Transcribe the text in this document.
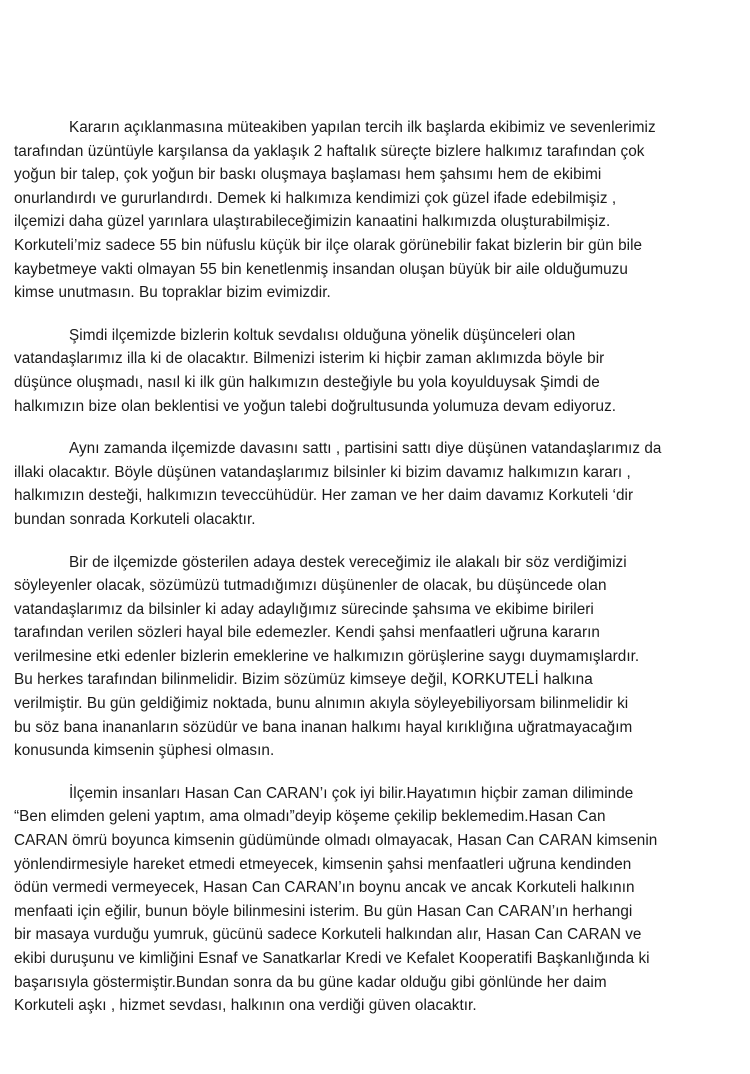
Kararın açıklanmasına müteakiben yapılan tercih ilk başlarda ekibimiz ve sevenlerimiz
tarafından üzüntüyle karşılansa da yaklaşık 2 haftalık süreçte bizlere halkımız tarafından çok
yoğun bir talep, çok yoğun bir baskı oluşmaya başlaması hem şahsımı hem de ekibimi
onurlandırdı ve gururlandırdı. Demek ki halkımıza kendimizi çok güzel ifade edebilmişiz ,
ilçemizi daha güzel yarınlara ulaştırabileceğimizin kanaatini halkımızda oluşturabilmişiz.
Korkuteli’miz sadece 55 bin nüfuslu küçük bir ilçe olarak görünebilir fakat bizlerin bir gün bile
kaybetmeye vakti olmayan 55 bin kenetlenmiş insandan oluşan büyük bir aile olduğumuzu
kimse unutmasın. Bu topraklar bizim evimizdir.
Şimdi ilçemizde bizlerin koltuk sevdalısı olduğuna yönelik düşünceleri olan
vatandaşlarımız illa ki de olacaktır. Bilmenizi isterim ki hiçbir zaman aklımızda böyle bir
düşünce oluşmadı, nasıl ki ilk gün halkımızın desteğiyle bu yola koyulduysak Şimdi de
halkımızın bize olan beklentisi ve yoğun talebi doğrultusunda yolumuza devam ediyoruz.
Aynı zamanda ilçemizde davasını sattı , partisini sattı diye düşünen vatandaşlarımız da
illaki olacaktır. Böyle düşünen vatandaşlarımız bilsinler ki bizim davamız halkımızın kararı ,
halkımızın desteği, halkımızın teveccühüdür. Her zaman ve her daim davamız Korkuteli ‘dir
bundan sonrada Korkuteli olacaktır.
Bir de ilçemizde gösterilen adaya destek vereceğimiz ile alakalı bir söz verdiğimizi
söyleyenler olacak, sözümüzü tutmadığımızı düşünenler de olacak, bu düşüncede olan
vatandaşlarımız da bilsinler ki aday adaylığımız sürecinde şahsıma ve ekibime birileri
tarafından verilen sözleri hayal bile edemezler. Kendi şahsi menfaatleri uğruna kararın
verilmesine etki edenler bizlerin emeklerine ve halkımızın görüşlerine saygı duymamışlardır.
Bu herkes tarafından bilinmelidir. Bizim sözümüz kimseye değil, KORKUTELİ halkına
verilmiştir. Bu gün geldiğimiz noktada, bunu alnımın akıyla söyleyebiliyorsam bilinmelidir ki
bu söz bana inananların sözüdür ve bana inanan halkımı hayal kırıklığına uğratmayacağım
konusunda kimsenin şüphesi olmasın.
İlçemin insanları Hasan Can CARAN’ı çok iyi bilir.Hayatımın hiçbir zaman diliminde
“Ben elimden geleni yaptım, ama olmadı”deyip köşeme çekilip beklemedim.Hasan Can
CARAN ömrü boyunca kimsenin güdümünde olmadı olmayacak, Hasan Can CARAN kimsenin
yönlendirmesiyle hareket etmedi etmeyecek, kimsenin şahsi menfaatleri uğruna kendinden
ödün vermedi vermeyecek, Hasan Can CARAN’ın boynu ancak ve ancak Korkuteli halkının
menfaati için eğilir, bunun böyle bilinmesini isterim. Bu gün Hasan Can CARAN’ın herhangi
bir masaya vurduğu yumruk, gücünü sadece Korkuteli halkından alır, Hasan Can CARAN ve
ekibi duruşunu ve kimliğini Esnaf ve Sanatkarlar Kredi ve Kefalet Kooperatifi Başkanlığında ki
başarısıyla göstermiştir.Bundan sonra da bu güne kadar olduğu gibi gönlünde her daim
Korkuteli aşkı , hizmet sevdası, halkının ona verdiği güven olacaktır.
